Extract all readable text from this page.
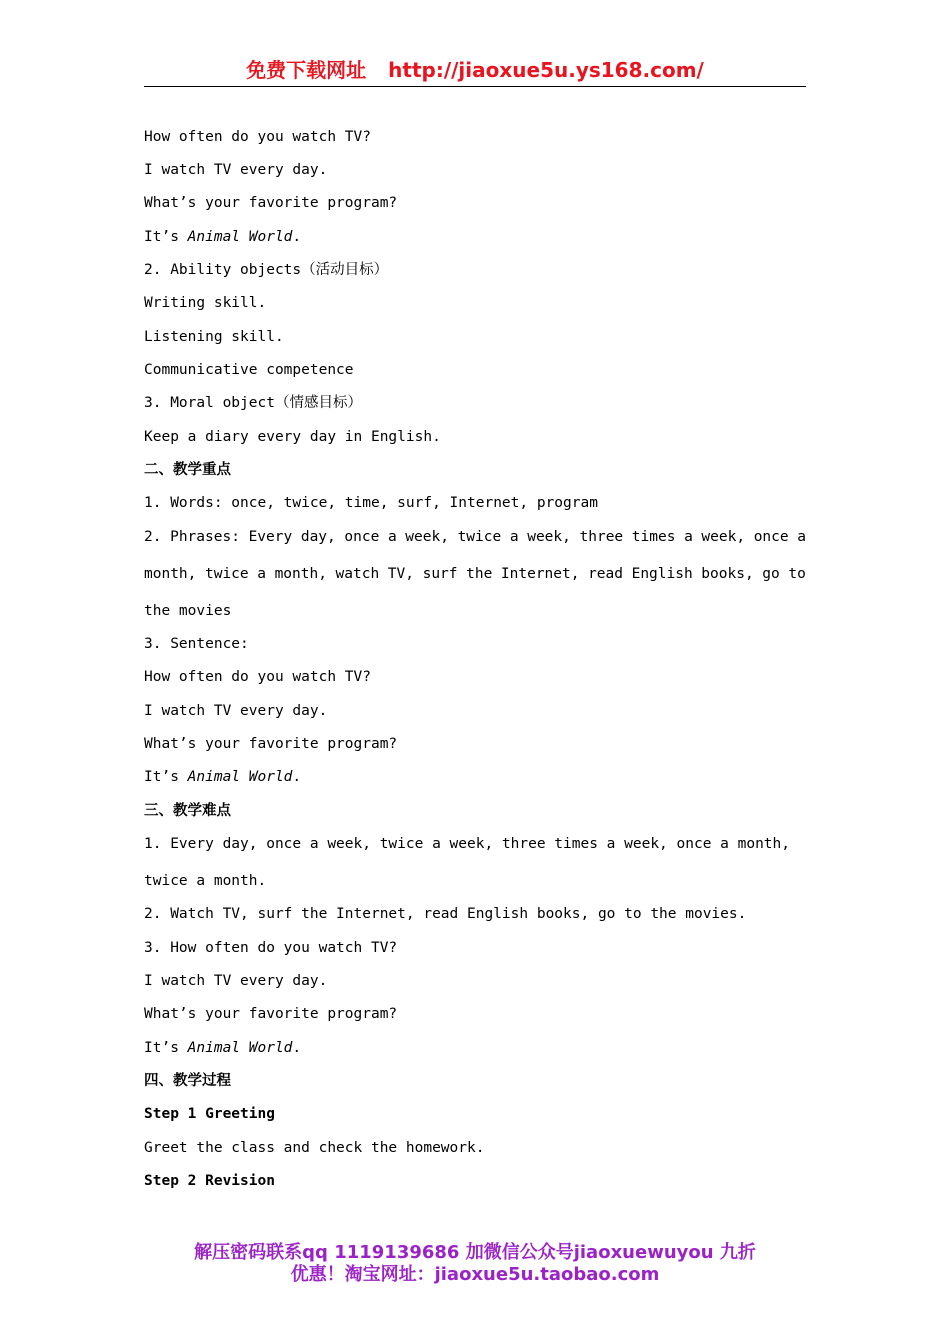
免费下载网址 http://jiaoxue5u.ys168.com/
How often do you watch TV?
I watch TV every day.
What’s your favorite program?
It’s Animal World.
2. Ability objects（活动目标）
Writing skill.
Listening skill.
Communicative competence
3. Moral object（情感目标）
Keep a diary every day in English.
二、教学重点
1. Words: once, twice, time, surf, Internet, program
2. Phrases: Every day, once a week, twice a week, three times a week, once a
month, twice a month, watch TV, surf the Internet, read English books, go to
the movies
3. Sentence:
How often do you watch TV?
I watch TV every day.
What’s your favorite program?
It’s Animal World.
三、教学难点
1. Every day, once a week, twice a week, three times a week, once a month,
twice a month.
2. Watch TV, surf the Internet, read English books, go to the movies.
3. How often do you watch TV?
I watch TV every day.
What’s your favorite program?
It’s Animal World.
四、教学过程
Step 1 Greeting
Greet the class and check the homework.
Step 2 Revision
解压密码联系qq 1119139686 加微信公众号jiaoxuewuyou 九折
优惠！淘宝网址：jiaoxue5u.taobao.com
